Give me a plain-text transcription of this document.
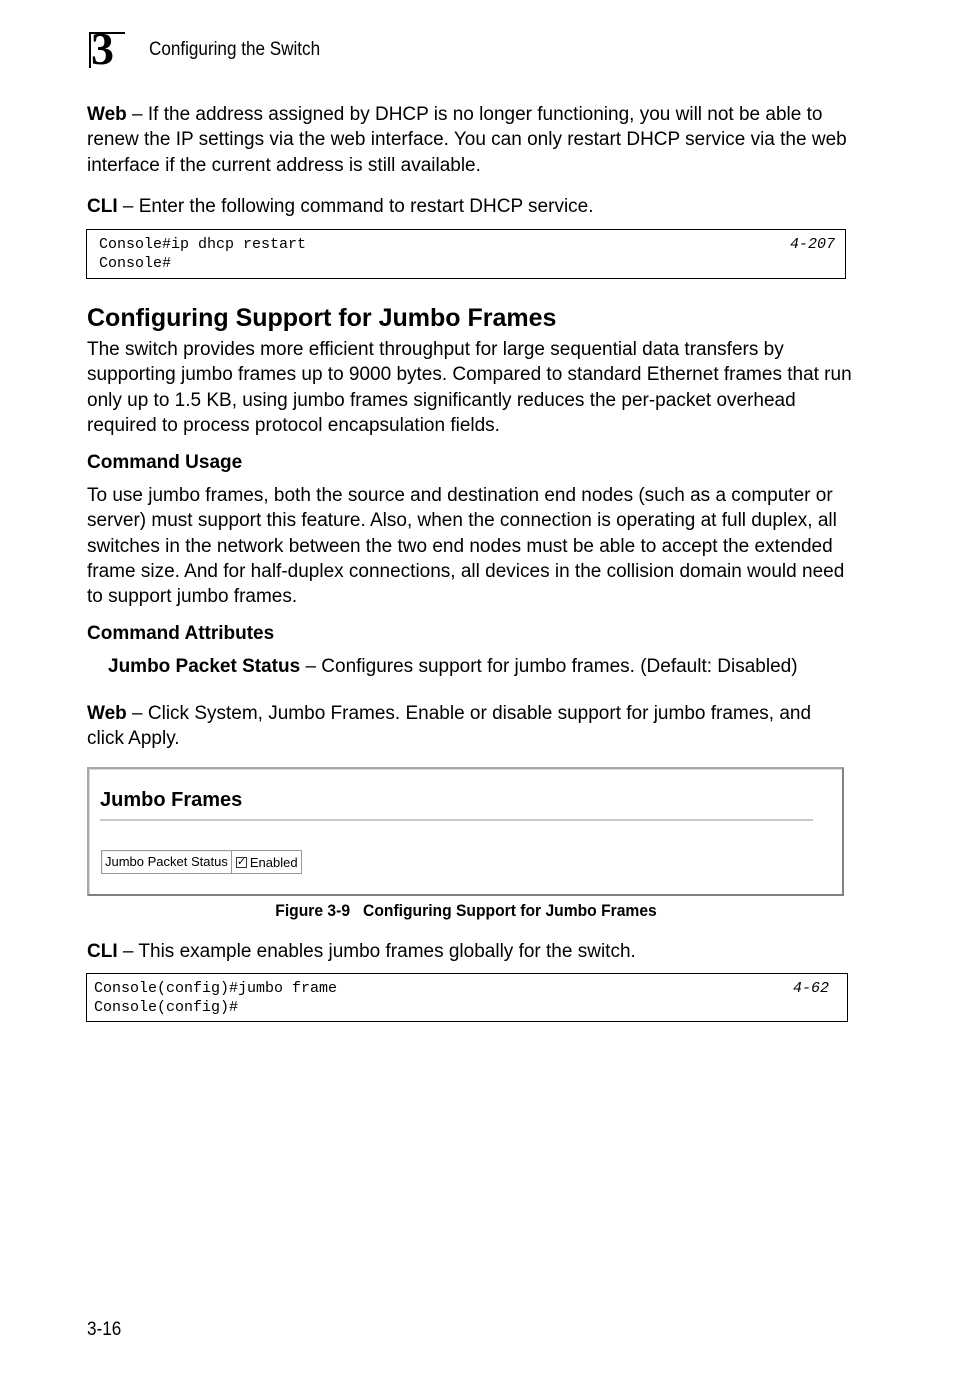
3 Configuring the Switch
Web – If the address assigned by DHCP is no longer functioning, you will not be able to renew the IP settings via the web interface. You can only restart DHCP service via the web interface if the current address is still available.
CLI – Enter the following command to restart DHCP service.
Console#ip dhcp restart	4-207
Console#
Configuring Support for Jumbo Frames
The switch provides more efficient throughput for large sequential data transfers by supporting jumbo frames up to 9000 bytes. Compared to standard Ethernet frames that run only up to 1.5 KB, using jumbo frames significantly reduces the per-packet overhead required to process protocol encapsulation fields.
Command Usage
To use jumbo frames, both the source and destination end nodes (such as a computer or server) must support this feature. Also, when the connection is operating at full duplex, all switches in the network between the two end nodes must be able to accept the extended frame size. And for half-duplex connections, all devices in the collision domain would need to support jumbo frames.
Command Attributes
Jumbo Packet Status – Configures support for jumbo frames. (Default: Disabled)
Web – Click System, Jumbo Frames. Enable or disable support for jumbo frames, and click Apply.
Jumbo Frames
Jumbo Packet Status ✓ Enabled
Figure 3-9   Configuring Support for Jumbo Frames
CLI – This example enables jumbo frames globally for the switch.
Console(config)#jumbo frame	4-62
Console(config)#
3-16
